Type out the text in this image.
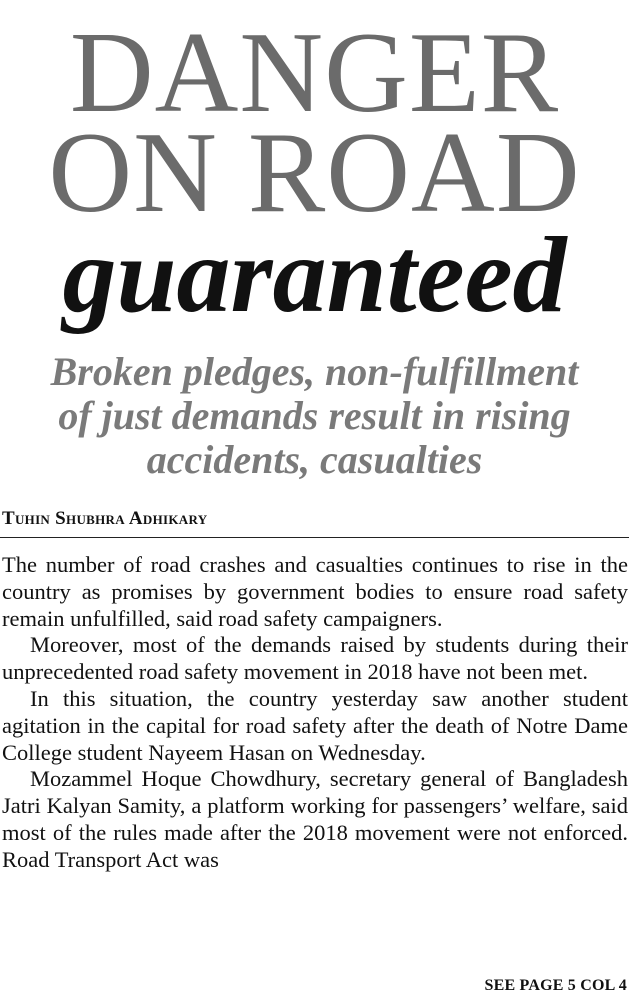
DANGER
ON ROAD
guaranteed
Broken pledges, non-fulfillment
of just demands result in rising
accidents, casualties
Tuhin Shubhra Adhikary

The number of road crashes and casualties continues to rise in the country as promises by government bodies to ensure road safety remain unfulfilled, said road safety campaigners.

Moreover, most of the demands raised by students during their unprecedented road safety movement in 2018 have not been met.

In this situation, the country yesterday saw another student agitation in the capital for road safety after the death of Notre Dame College student Nayeem Hasan on Wednesday.

Mozammel Hoque Chowdhury, secretary general of Bangladesh Jatri Kalyan Samity, a platform working for passengers’ welfare, said most of the rules made after the 2018 movement were not enforced. Road Transport Act was

SEE PAGE 5 COL 4
